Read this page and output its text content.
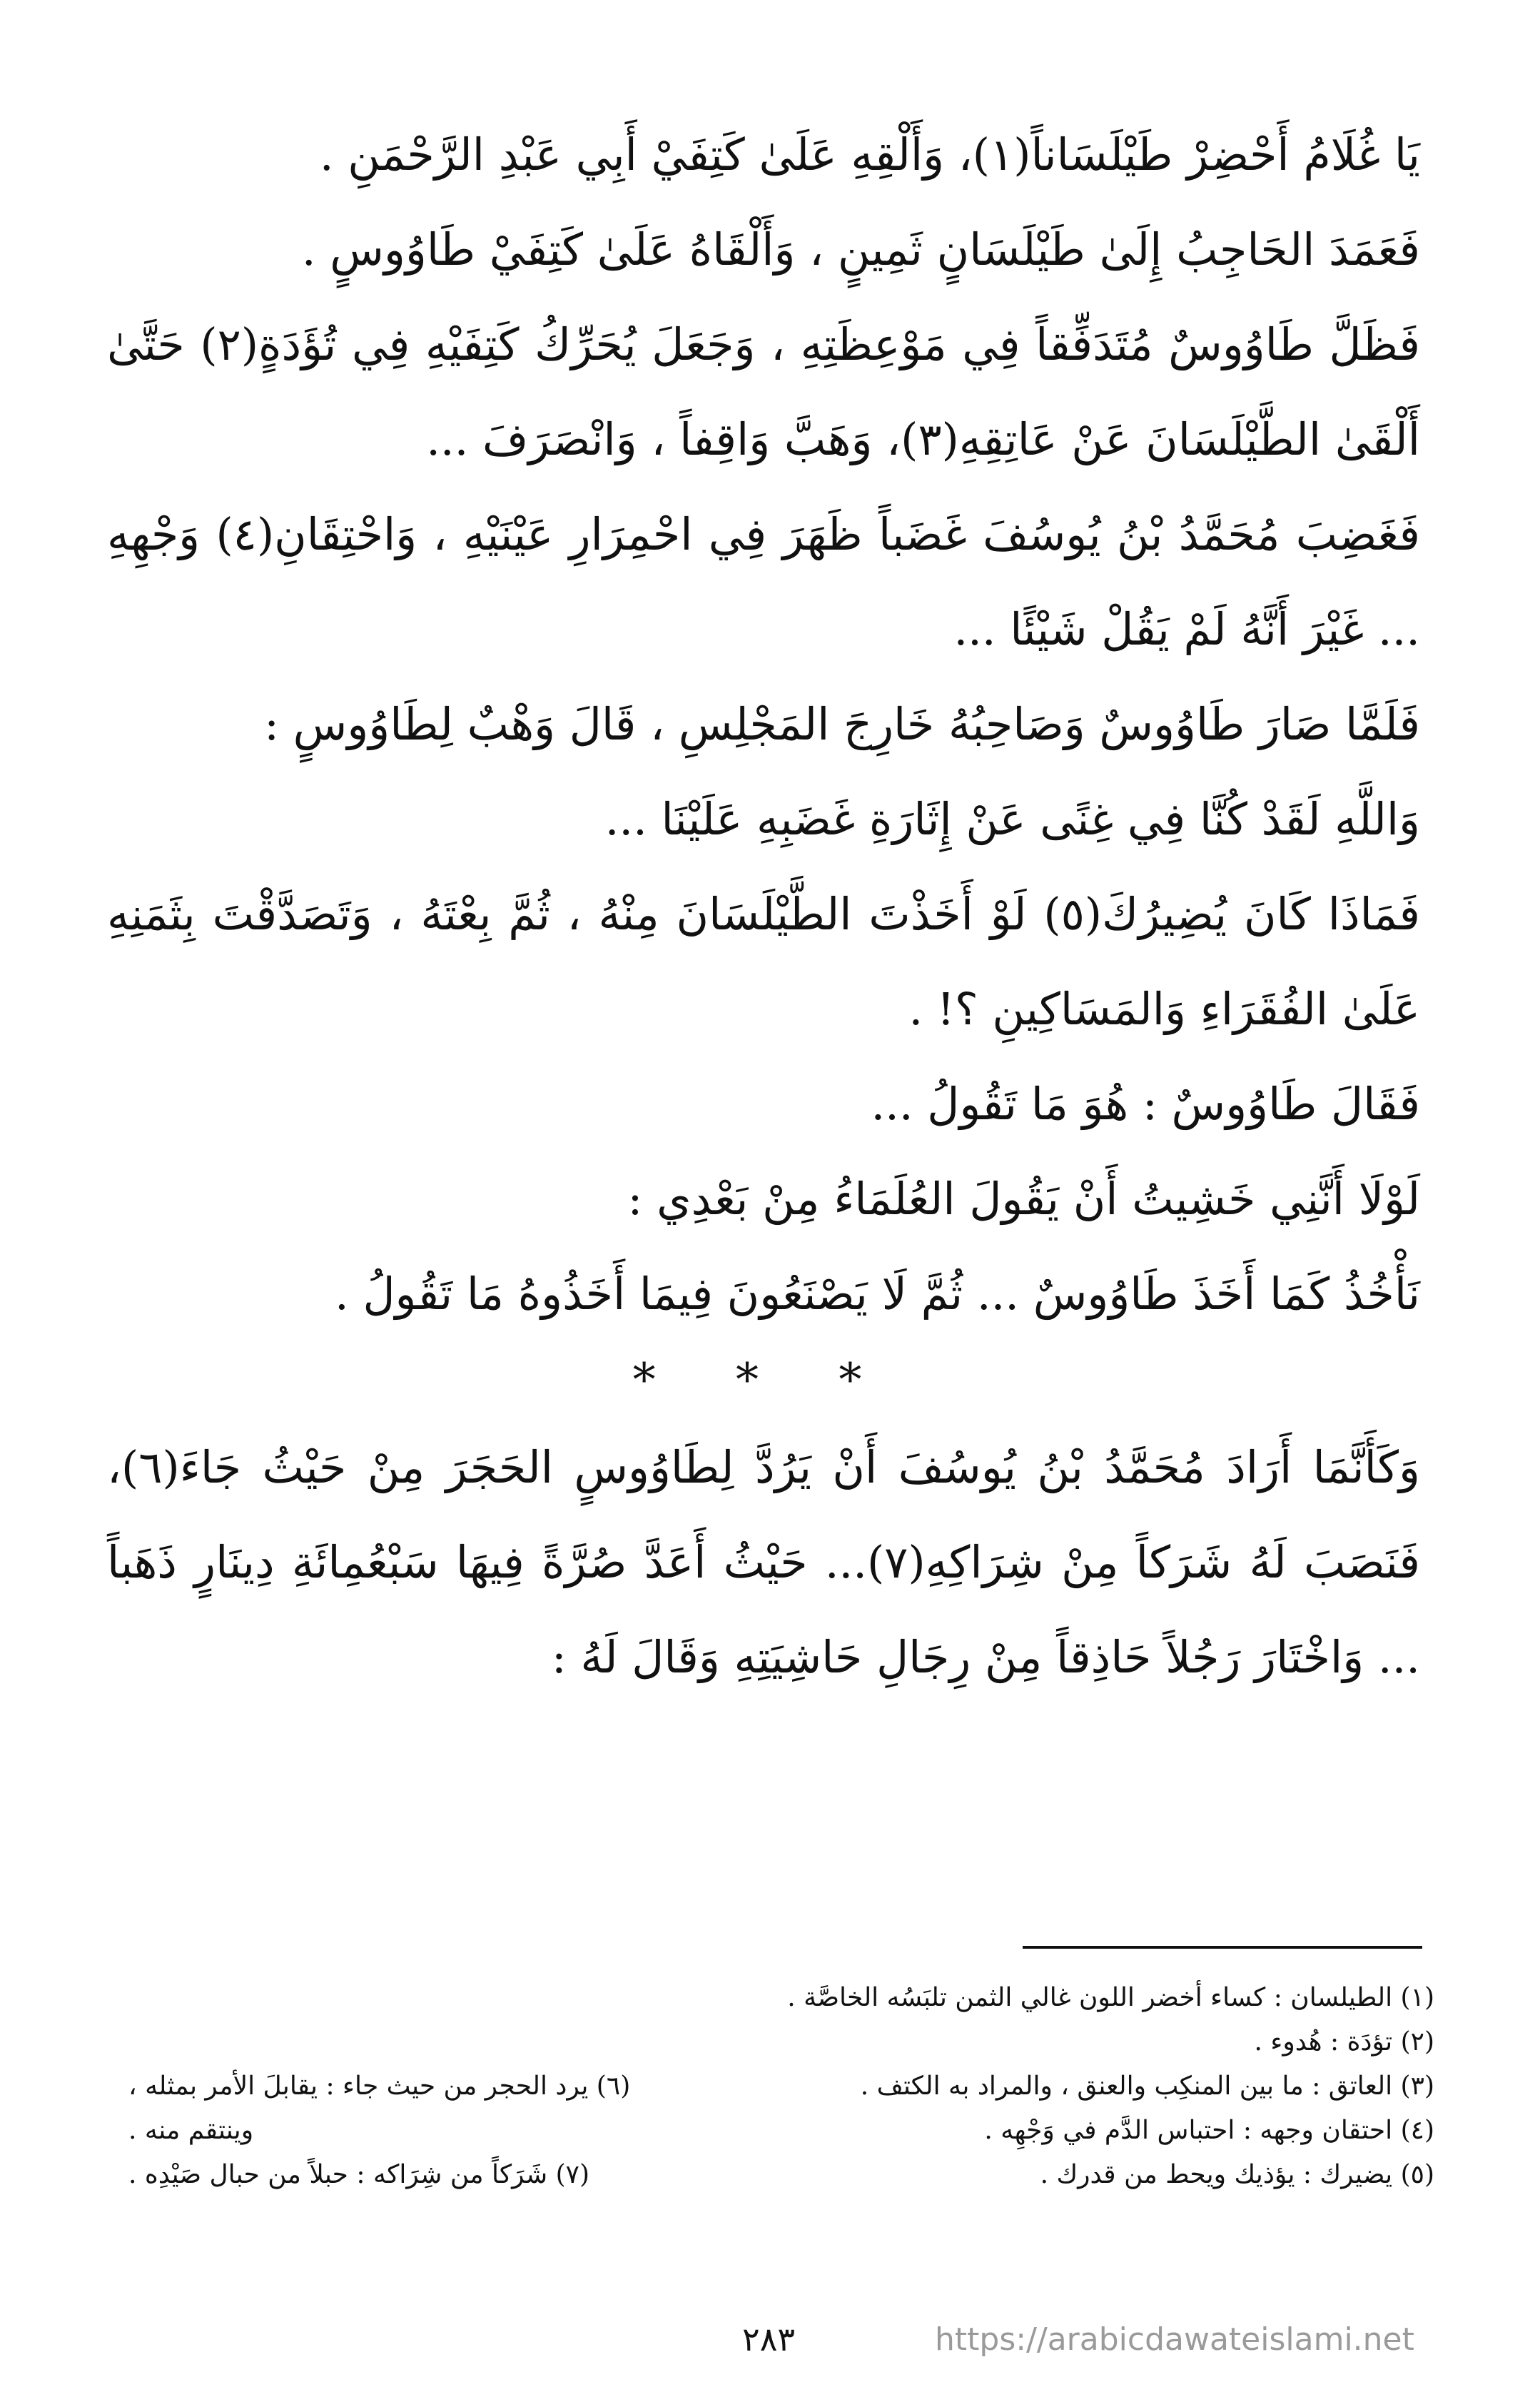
يَا غُلَامُ أَحْضِرْ طَيْلَسَاناً(١)، وَأَلْقِهِ عَلَىٰ كَتِفَيْ أَبِي عَبْدِ الرَّحْمَنِ .

فَعَمَدَ الحَاجِبُ إِلَىٰ طَيْلَسَانٍ ثَمِينٍ ، وَأَلْقَاهُ عَلَىٰ كَتِفَيْ طَاوُوسٍ .

فَظَلَّ طَاوُوسٌ مُتَدَفِّقاً فِي مَوْعِظَتِهِ ، وَجَعَلَ يُحَرِّكُ كَتِفَيْهِ فِي تُؤَدَةٍ(٢) حَتَّىٰ أَلْقَىٰ الطَّيْلَسَانَ عَنْ عَاتِقِهِ(٣)، وَهَبَّ وَاقِفاً ، وَانْصَرَفَ ...

فَغَضِبَ مُحَمَّدُ بْنُ يُوسُفَ غَضَباً ظَهَرَ فِي احْمِرَارِ عَيْنَيْهِ ، وَاحْتِقَانِ(٤) وَجْهِهِ ... غَيْرَ أَنَّهُ لَمْ يَقُلْ شَيْئًا ...

فَلَمَّا صَارَ طَاوُوسٌ وَصَاحِبُهُ خَارِجَ المَجْلِسِ ، قَالَ وَهْبٌ لِطَاوُوسٍ :

وَاللَّهِ لَقَدْ كُنَّا فِي غِنًى عَنْ إِثَارَةِ غَضَبِهِ عَلَيْنَا ...

فَمَاذَا كَانَ يُضِيرُكَ(٥) لَوْ أَخَذْتَ الطَّيْلَسَانَ مِنْهُ ، ثُمَّ بِعْتَهُ ، وَتَصَدَّقْتَ بِثَمَنِهِ عَلَىٰ الفُقَرَاءِ وَالمَسَاكِينِ ؟! .

فَقَالَ طَاوُوسٌ : هُوَ مَا تَقُولُ ...

لَوْلَا أَنَّنِي خَشِيتُ أَنْ يَقُولَ العُلَمَاءُ مِنْ بَعْدِي :

نَأْخُذُ كَمَا أَخَذَ طَاوُوسٌ ... ثُمَّ لَا يَصْنَعُونَ فِيمَا أَخَذُوهُ مَا تَقُولُ .

* * *

وَكَأَنَّمَا أَرَادَ مُحَمَّدُ بْنُ يُوسُفَ أَنْ يَرُدَّ لِطَاوُوسٍ الحَجَرَ مِنْ حَيْثُ جَاءَ(٦)، فَنَصَبَ لَهُ شَرَكاً مِنْ شِرَاكِهِ(٧)... حَيْثُ أَعَدَّ صُرَّةً فِيهَا سَبْعُمِائَةِ دِينَارٍ ذَهَباً ... وَاخْتَارَ رَجُلاً حَاذِقاً مِنْ رِجَالِ حَاشِيَتِهِ وَقَالَ لَهُ :

(١) الطيلسان : كساء أخضر اللون غالي الثمن تلبَسُه الخاصَّة .
(٢) تؤدَة : هُدوء .
(٣) العاتق : ما بين المنكِب والعنق ، والمراد به الكتف .
(٦) يرد الحجر من حيث جاء : يقابلَ الأمر بمثله ،
(٤) احتقان وجهه : احتباس الدَّم في وَجْهِه .
وينتقم منه .
(٥) يضيرك : يؤذيك ويحط من قدرك .
(٧) شَرَكاً من شِرَاكه : حبلاً من حبال صَيْدِه .
٢٨٣	https://arabicdawateislami.net
